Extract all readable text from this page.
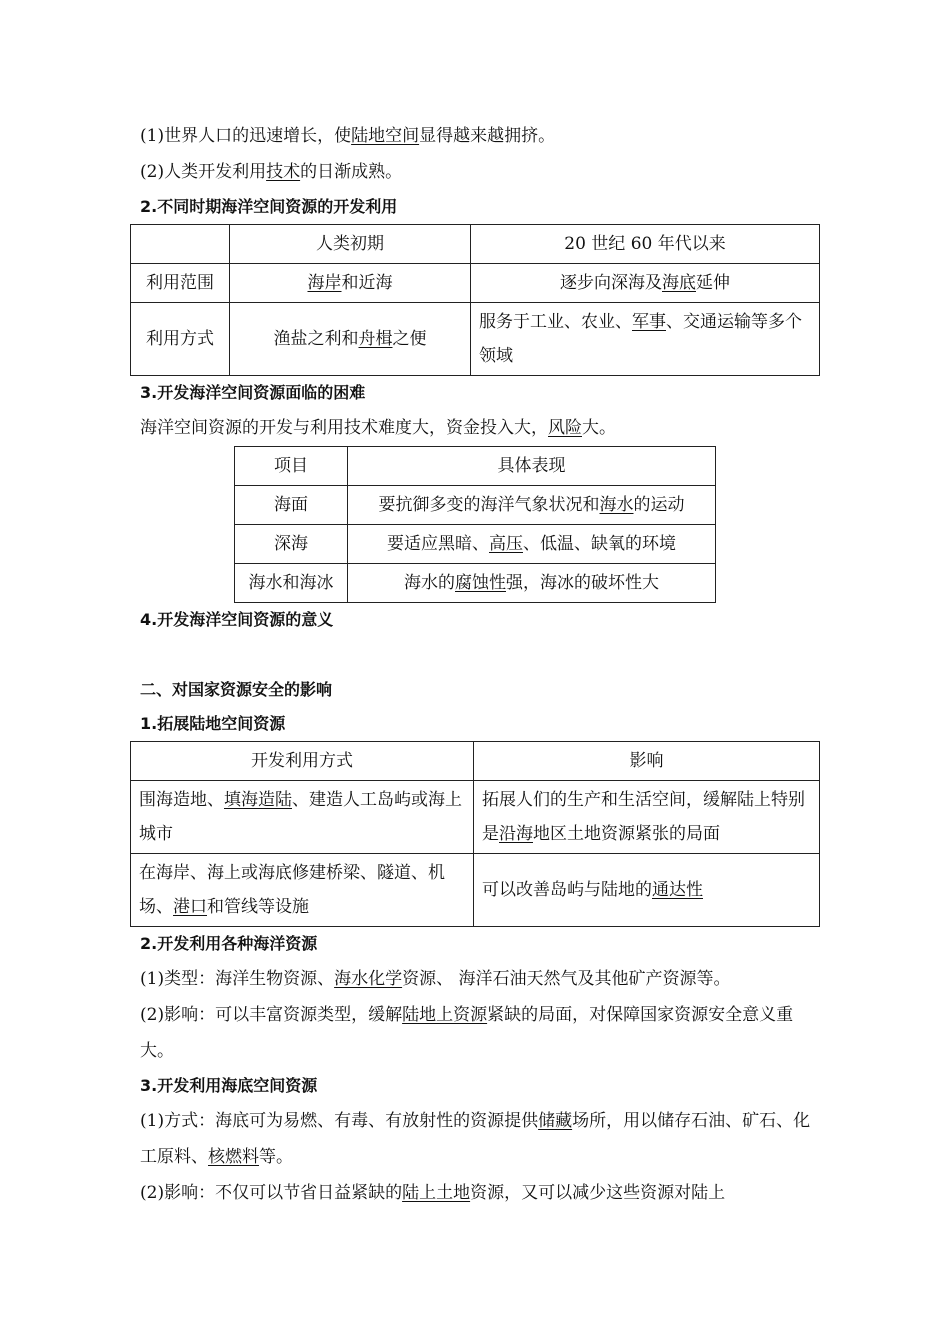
(1)世界人口的迅速增长，使陆地空间显得越来越拥挤。
(2)人类开发利用技术的日渐成熟。
2.不同时期海洋空间资源的开发利用
	人类初期	20 世纪 60 年代以来
利用范围	海岸和近海	逐步向深海及海底延伸
利用方式	渔盐之利和舟楫之便	服务于工业、农业、军事、交通运输等多个领域
3.开发海洋空间资源面临的困难
海洋空间资源的开发与利用技术难度大，资金投入大，风险大。
项目	具体表现
海面	要抗御多变的海洋气象状况和海水的运动
深海	要适应黑暗、高压、低温、缺氧的环境
海水和海冰	海水的腐蚀性强，海冰的破坏性大
4.开发海洋空间资源的意义
二、对国家资源安全的影响
1.拓展陆地空间资源
开发利用方式	影响
围海造地、填海造陆、建造人工岛屿或海上城市	拓展人们的生产和生活空间，缓解陆上特别是沿海地区土地资源紧张的局面
在海岸、海上或海底修建桥梁、隧道、机场、港口和管线等设施	可以改善岛屿与陆地的通达性
2.开发利用各种海洋资源
(1)类型：海洋生物资源、海水化学资源、 海洋石油天然气及其他矿产资源等。
(2)影响：可以丰富资源类型，缓解陆地上资源紧缺的局面，对保障国家资源安全意义重大。
3.开发利用海底空间资源
(1)方式：海底可为易燃、有毒、有放射性的资源提供储藏场所，用以储存石油、矿石、化工原料、核燃料等。
(2)影响：不仅可以节省日益紧缺的陆上土地资源，又可以减少这些资源对陆上
